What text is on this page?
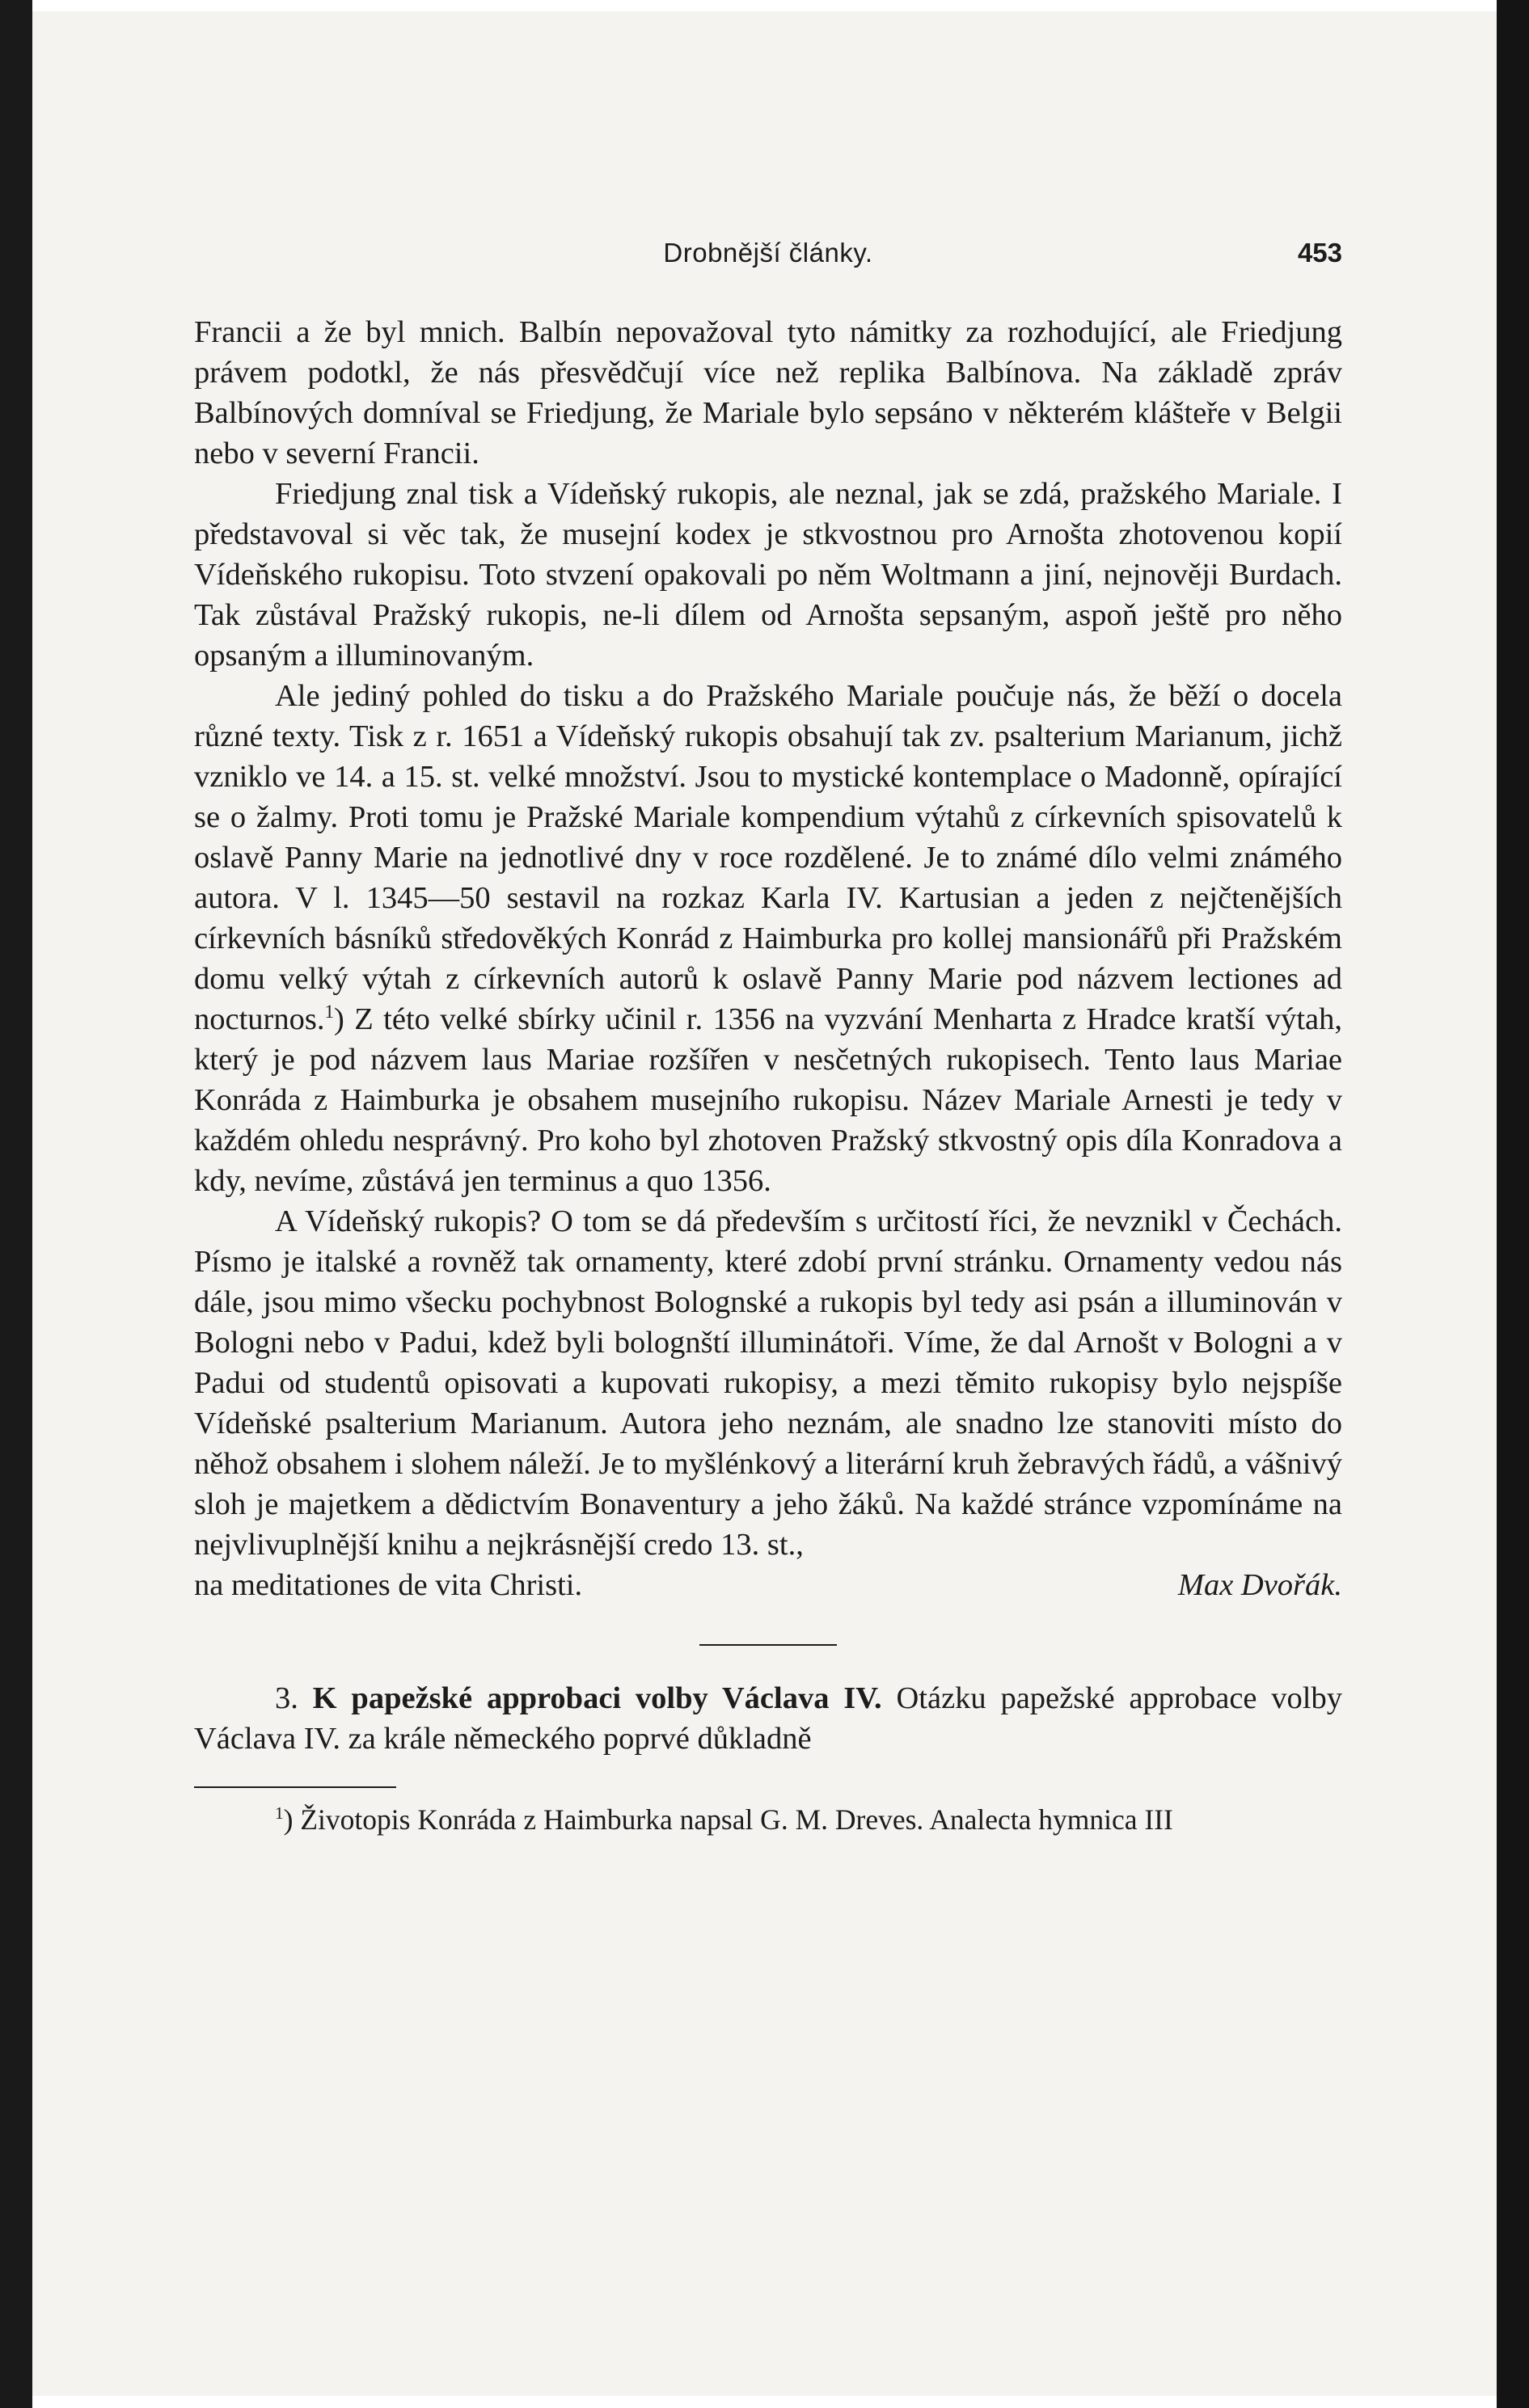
Drobnější články.	453

Francii a že byl mnich. Balbín nepovažoval tyto námitky za rozhodující, ale Friedjung právem podotkl, že nás přesvědčují více než replika Balbínova. Na základě zpráv Balbínových domníval se Friedjung, že Mariale bylo sepsáno v některém klášteře v Belgii nebo v severní Francii.

Friedjung znal tisk a Vídeňský rukopis, ale neznal, jak se zdá, pražského Mariale. I představoval si věc tak, že musejní kodex je stkvostnou pro Arnošta zhotovenou kopií Vídeňského rukopisu. Toto stvzení opakovali po něm Woltmann a jiní, nejnověji Burdach. Tak zůstával Pražský rukopis, ne-li dílem od Arnošta sepsaným, aspoň ještě pro něho opsaným a illuminovaným.

Ale jediný pohled do tisku a do Pražského Mariale poučuje nás, že běží o docela různé texty. Tisk z r. 1651 a Vídeňský rukopis obsahují tak zv. psalterium Marianum, jichž vzniklo ve 14. a 15. st. velké množství. Jsou to mystické kontemplace o Madonně, opírající se o žalmy. Proti tomu je Pražské Mariale kompendium výtahů z církevních spisovatelů k oslavě Panny Marie na jednotlivé dny v roce rozdělené. Je to známé dílo velmi známého autora. V l. 1345—50 sestavil na rozkaz Karla IV. Kartusian a jeden z nejčtenějších církevních básníků středověkých Konrád z Haimburka pro kollej mansionářů při Pražském domu velký výtah z církevních autorů k oslavě Panny Marie pod názvem lectiones ad nocturnos.$^1$) Z této velké sbírky učinil r. 1356 na vyzvání Menharta z Hradce kratší výtah, který je pod názvem laus Mariae rozšířen v nesčetných rukopisech. Tento laus Mariae Konráda z Haimburka je obsahem musejního rukopisu. Název Mariale Arnesti je tedy v každém ohledu nesprávný. Pro koho byl zhotoven Pražský stkvostný opis díla Konradova a kdy, nevíme, zůstává jen terminus a quo 1356.

A Vídeňský rukopis? O tom se dá především s určitostí říci, že nevznikl v Čechách. Písmo je italské a rovněž tak ornamenty, které zdobí první stránku. Ornamenty vedou nás dále, jsou mimo všecku pochybnost Bolognské a rukopis byl tedy asi psán a illuminován v Bologni nebo v Padui, kdež byli bolognští illuminátoři. Víme, že dal Arnošt v Bologni a v Padui od studentů opisovati a kupovati rukopisy, a mezi těmito rukopisy bylo nejspíše Vídeňské psalterium Marianum. Autora jeho neznám, ale snadno lze stanoviti místo do něhož obsahem i slohem náleží. Je to myšlénkový a literární kruh žebravých řádů, a vášnivý sloh je majetkem a dědictvím Bonaventury a jeho žáků. Na každé stránce vzpomínáme na nejvlivuplnější knihu a nejkrásnější credo 13. st.,

na meditationes de vita Christi.	Max Dvořák.

3. K papežské approbaci volby Václava IV. Otázku papežské approbace volby Václava IV. za krále německého poprvé důkladně

$^1$) Životopis Konráda z Haimburka napsal G. M. Dreves. Analecta hymnica III
